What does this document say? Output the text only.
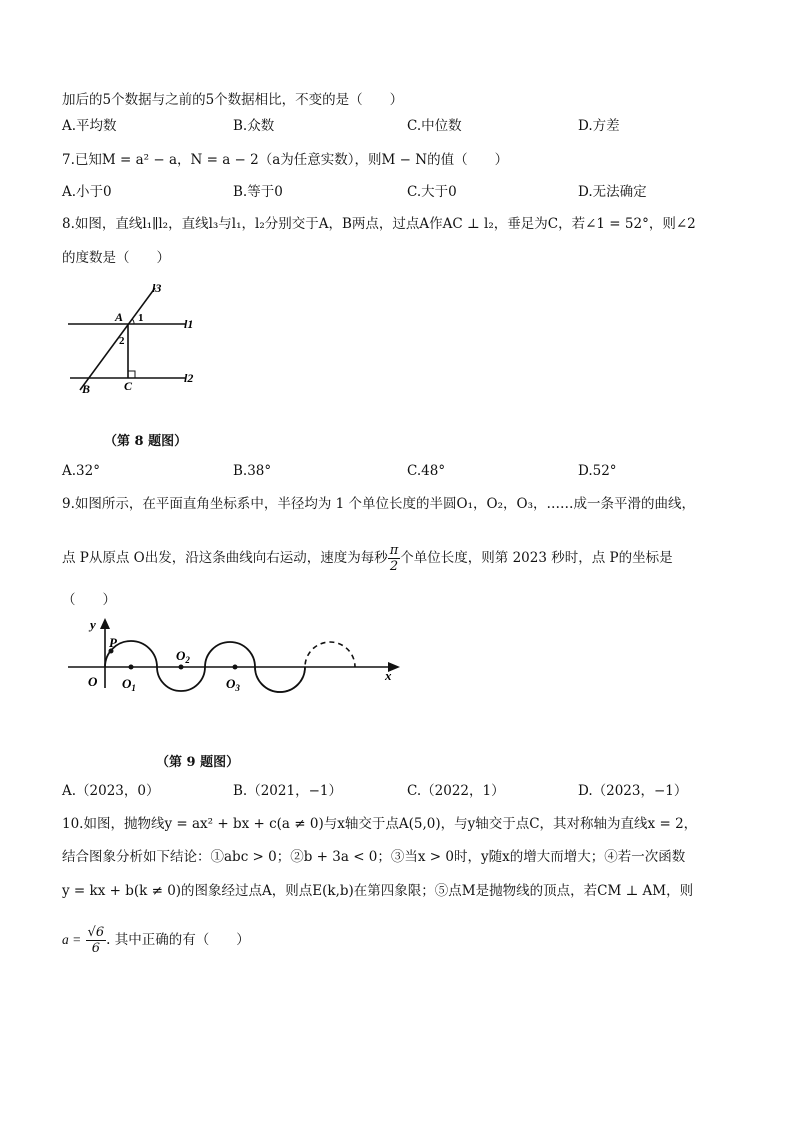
加后的5个数据与之前的5个数据相比，不变的是（　　）
A.平均数	B.众数	C.中位数	D.方差
7.已知M = a² − a，N = a − 2（a为任意实数），则M − N的值（　　）
A.小于0	B.等于0	C.大于0	D.无法确定
8.如图，直线l₁∥l₂，直线l₃与l₁，l₂分别交于A，B两点，过点A作AC ⊥ l₂，垂足为C，若∠1 = 52°，则∠2
的度数是（　　）
l3
l1
l2
A 1
2
B	C
（第 8 题图）
A.32°	B.38°	C.48°	D.52°
9.如图所示，在平面直角坐标系中，半径均为 1 个单位长度的半圆O₁，O₂，O₃，……成一条平滑的曲线，
点 P从原点 O出发，沿这条曲线向右运动，速度为每秒 $\frac{\pi}{2}$ 个单位长度，则第 2023 秒时，点 P的坐标是
（　　）
y
x
O
P
$O_1$
$O_2$
$O_3$
（第 9 题图）
A.（2023，0）	B.（2021，−1）	C.（2022，1）	D.（2023，−1）
10.如图，抛物线y = ax² + bx + c(a ≠ 0)与x轴交于点A(5,0)，与y轴交于点C，其对称轴为直线x = 2，
结合图象分析如下结论：①abc > 0；②b + 3a < 0；③当x > 0时，y随x的增大而增大；④若一次函数
y = kx + b(k ≠ 0)的图象经过点A，则点E(k,b)在第四象限；⑤点M是抛物线的顶点，若CM ⊥ AM，则
$a = \frac{√6}{6}$ . 其中正确的有（　　）
